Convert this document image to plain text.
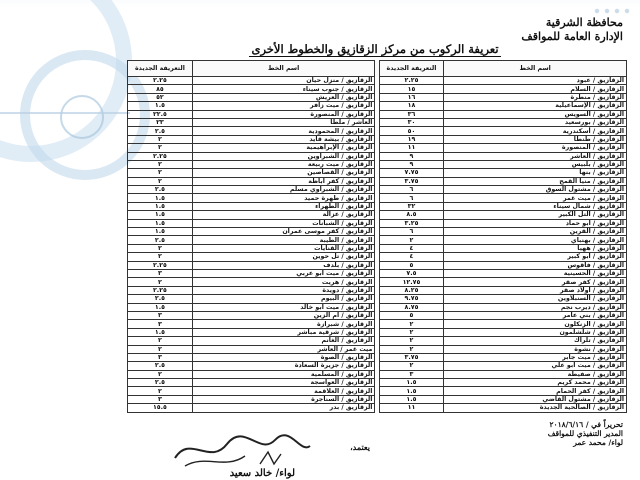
محافظة الشرقية
الإدارة العامة للمواقف
تعريفة الركوب من مركز الزقازيق والخطوط الأخرى
اسم الخط	التعريفة الجديدة		اسم الخط	التعريفة الجديدة
الزقازيق / عبود	٢.٢٥		الزقازيق / منزل حيان	٢.٢٥
الزقازيق / السلام	١٥		الزقازيق / جنوب سيناء	٨٥
الزقازيق / منطرة	١٦		الزقازيق / العريش	٥٢
الزقازيق / الإسماعيلية	١٨		الزقازيق / ميت زافر	١.٥
الزقازيق / السويس	٣٦		الزقازيق / المنصورة	٢٢.٥
الزقازيق / بورسعيد	٣٠		العاشر / ملطا	٢٣
الزقازيق / أسكندرية	٥٠		الزقازيق / المحمودية	٢.٥
الزقازيق / طنطا	١٩		الزقازيق / بيشة قايد	٢
الزقازيق / المنصورة	١١		الزقازيق / الإبراهيمية	٢
الزقازيق / العاشر	٩		الزقازيق / الشبراوين	٢.٢٥
الزقازيق / بلبيس	٩		الزقازيق / ميت ربيعة	٢
الزقازيق / بنها	٧.٧٥		الزقازيق / القصاصين	٢
الزقازيق / منيا القمح	٣.٧٥		الزقازيق / كفر أباظة	٢
الزقازيق / مشتول السوق	٦		الزقازيق / الشبراوي مسلم	٢.٥
الزقازيق / ميت غمر	٦		الزقازيق / طهرة حميد	١.٥
الزقازيق / شمال سيناء	٣٢		الزقازيق / الطهراء	١.٥
الزقازيق / التل الكبير	٨.٥		الزقازيق / عزالة	١.٥
الزقازيق / أبو حماد	٣.٢٥		الزقازيق / الشبانات	١.٥
الزقازيق / القرين	٦		الزقازيق / كفر موسى عمران	١.٥
الزقازيق / بهنباي	٢		الزقازيق / الطيبة	٢.٥
الزقازيق / ههيا	٤		الزقازيق / القنايات	٢
الزقازيق / أبو كبير	٤		الزقازيق / تل حوين	٢
الزقازيق / فاقوس	٥		الزقازيق / بلدف	٢.٢٥
الزقازيق / الحسينية	٧.٥		الزقازيق / ميت أبو عربي	٣
الزقازيق / كفر صقر	١٢.٧٥		الزقازيق / هريت	٢
الزقازيق / أولاد صقر	٨.٢٥		الزقازيق / دويدة	٢.٢٥
الزقازيق / السنبلاوين	٩.٧٥		الزقازيق / البيوم	٢.٥
الزقازيق / ديرب نجم	٨.٧٥		الزقازيق / ميت أبو خالد	١.٥
الزقازيق / بني عامر	٥		الزقازيق / أم الزين	٣
الزقازيق / الزنكلون	٢		الزقازيق / شبرازة	٣
الزقازيق / شلشلمون	٢		الزقازيق / شرقية مباشر	١.٥
الزقازيق / تلراك	٢		الزقازيق / الغانم	٢
الزقازيق / نشوة	٢		ميت غمر / العاشر	٢
الزقازيق / ميت جابر	٣.٧٥		الزقازيق / الصوة	٣
الزقازيق / ميت أبو علي	٢		الزقازيق / جزيرة السعادة	٢.٥
الزقازيق / صفيطة	٣		الزقازيق / المسلمية	٢
الزقازيق / محمد كريم	١.٥		الزقازيق / العواسجة	٢.٥
الزقازيق / كفر الحمام	١.٥		الزقازيق / العلاقمة	٢
الزقازيق / مشتول القاضي	١.٥		الزقازيق / السناجرة	٣
الزقازيق / الصالحية الجديدة	١١		الزقازيق / بدر	١٥.٥
تحريراً في / ٢٠١٨/٦/١٦
المدير التنفيذي للمواقف
لواء/ محمد عمر
يعتمد،
لواء/ خالد سعيد
